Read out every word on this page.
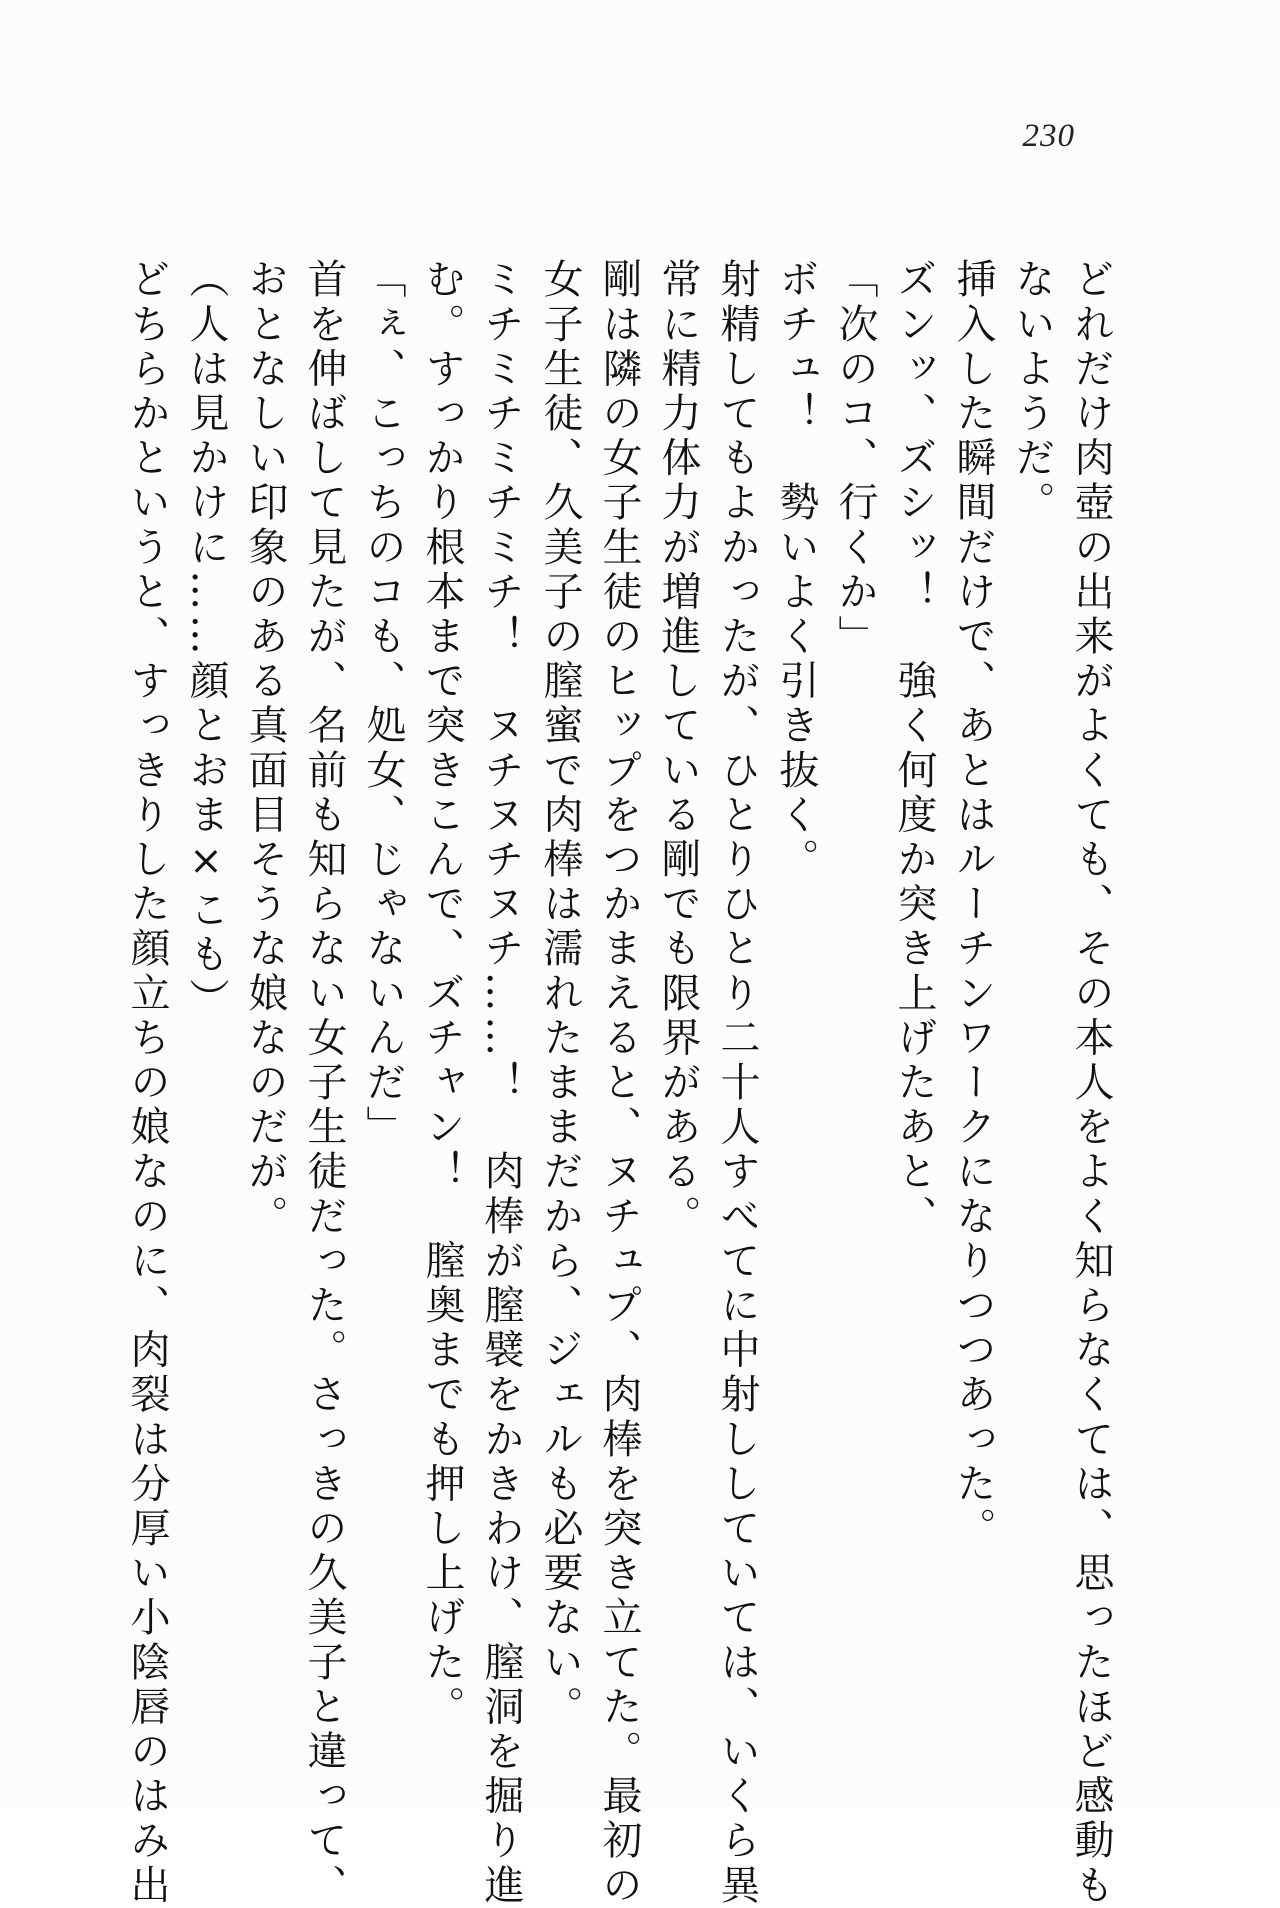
230
どれだけ肉壺の出来がよくても、その本人をよく知らなくては、思ったほど感動も
ないようだ。
挿入した瞬間だけで、あとはルーチンワークになりつつあった。
ズンッ、ズシッ！　強く何度か突き上げたあと、
「次のコ、行くか」
ボチュ！　勢いよく引き抜く。
射精してもよかったが、ひとりひとり二十人すべてに中射ししていては、いくら異
常に精力体力が増進している剛でも限界がある。
剛は隣の女子生徒のヒップをつかまえると、ヌチュプ、肉棒を突き立てた。最初の
女子生徒、久美子の膣蜜で肉棒は濡れたままだから、ジェルも必要ない。
ミチミチミチミチ！　ヌチヌチヌチ……！　肉棒が膣襞をかきわけ、膣洞を掘り進
む。すっかり根本まで突きこんで、ズチャン！　膣奥までも押し上げた。
「ぇ、こっちのコも、処女、じゃないんだ」
首を伸ばして見たが、名前も知らない女子生徒だった。さっきの久美子と違って、
おとなしい印象のある真面目そうな娘なのだが。
（人は見かけに……顔とおま×こも）
どちらかというと、すっきりした顔立ちの娘なのに、肉裂は分厚い小陰唇のはみ出
